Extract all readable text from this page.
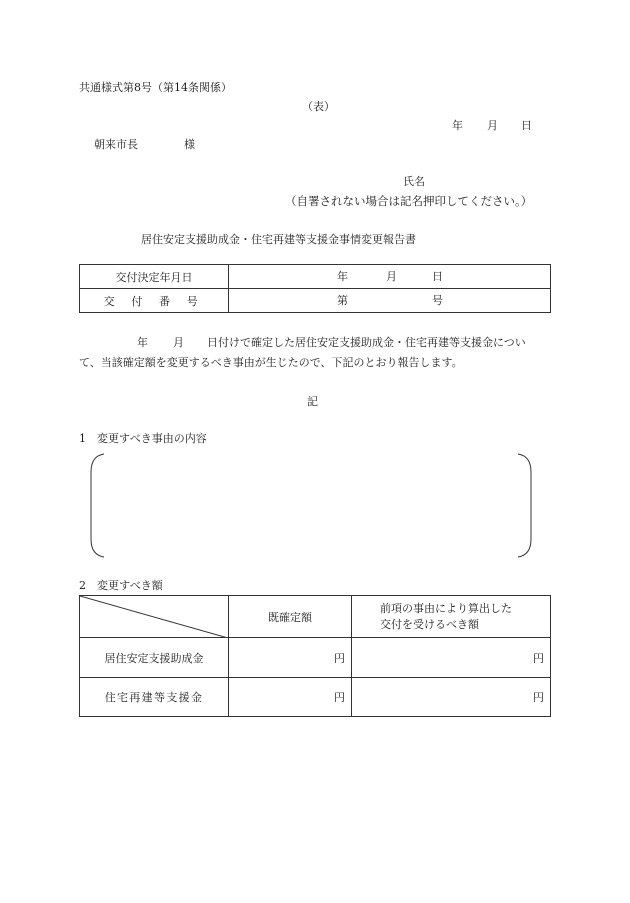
共通様式第8号（第14条関係）
（表）
年 月 日
朝来市長	様
氏名
（自署されない場合は記名押印してください。）
居住安定支援助成金・住宅再建等支援金事情変更報告書
交付決定年月日	年 月 日

交 付 番 号	第 号
年 月 日付けで確定した居住安定支援助成金・住宅再建等支援金につい
て、当該確定額を変更するべき事由が生じたので、下記のとおり報告します。
記
1 変更すべき事由の内容
2 変更すべき額
	既確定額	前項の事由により算出した
交付を受けるべき額

居住安定支援助成金	円	円
住宅再建等支援金	円	円
